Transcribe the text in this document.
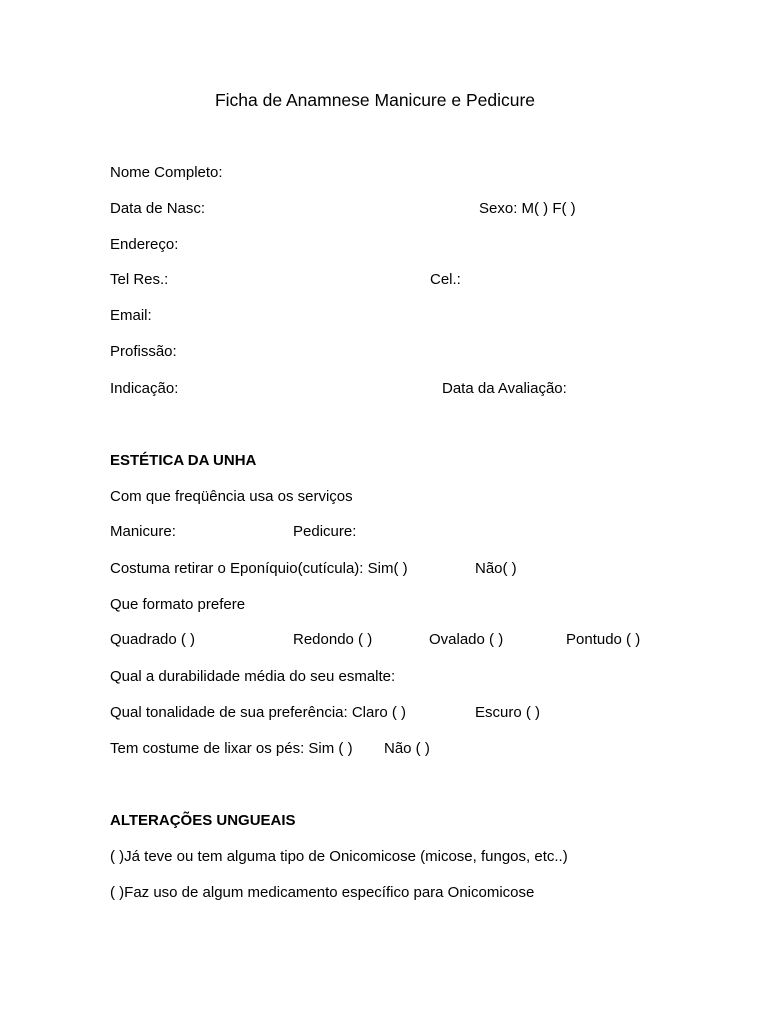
Ficha de Anamnese Manicure e Pedicure
Nome Completo:
Data de Nasc:	Sexo: M( ) F( )
Endereço:
Tel Res.:	Cel.:
Email:
Profissão:
Indicação:	Data da Avaliação:
ESTÉTICA DA UNHA
Com que freqüência usa os serviços
Manicure:	Pedicure:
Costuma retirar o Eponíquio(cutícula): Sim( )	Não( )
Que formato prefere
Quadrado ( )	Redondo ( )	Ovalado ( )	Pontudo ( )
Qual a durabilidade média do seu esmalte:
Qual tonalidade de sua preferência: Claro ( )	Escuro ( )
Tem costume de lixar os pés: Sim ( ) Não ( )
ALTERAÇÕES UNGUEAIS
( )Já teve ou tem alguma tipo de Onicomicose (micose, fungos, etc..)
( )Faz uso de algum medicamento específico para Onicomicose
